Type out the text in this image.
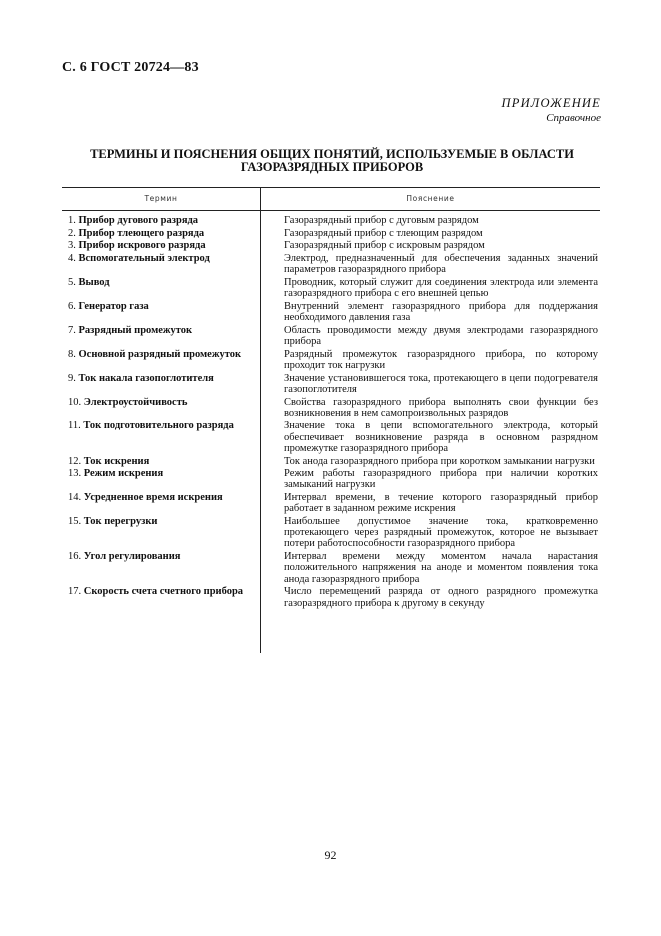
С. 6 ГОСТ 20724—83
ПРИЛОЖЕНИЕ
Справочное
ТЕРМИНЫ И ПОЯСНЕНИЯ ОБЩИХ ПОНЯТИЙ, ИСПОЛЬЗУЕМЫЕ В ОБЛАСТИ
ГАЗОРАЗРЯДНЫХ ПРИБОРОВ
Термин	Пояснение
1. Прибор дугового разряда	Газоразрядный прибор с дуговым разрядом
2. Прибор тлеющего разряда	Газоразрядный прибор с тлеющим разрядом
3. Прибор искрового разряда	Газоразрядный прибор с искровым разрядом
4. Вспомогательный электрод	Электрод, предназначенный для обеспечения заданных значений параметров газоразрядного прибора
5. Вывод	Проводник, который служит для соединения электрода или элемента газоразрядного прибора с его внешней цепью
6. Генератор газа	Внутренний элемент газоразрядного прибора для поддержания необходимого давления газа
7. Разрядный промежуток	Область проводимости между двумя электродами газоразрядного прибора
8. Основной разрядный промежуток	Разрядный промежуток газоразрядного прибора, по которому проходит ток нагрузки
9. Ток накала газопоглотителя	Значение установившегося тока, протекающего в цепи подогревателя газопоглотителя
10. Электроустойчивость	Свойства газоразрядного прибора выполнять свои функции без возникновения в нем самопроизвольных разрядов
11. Ток подготовительного разряда	Значение тока в цепи вспомогательного электрода, который обеспечивает возникновение разряда в основном разрядном промежутке газоразрядного прибора
12. Ток искрения	Ток анода газоразрядного прибора при коротком замыкании нагрузки
13. Режим искрения	Режим работы газоразрядного прибора при наличии коротких замыканий нагрузки
14. Усредненное время искрения	Интервал времени, в течение которого газоразрядный прибор работает в заданном режиме искрения
15. Ток перегрузки	Наибольшее допустимое значение тока, кратковременно протекающего через разрядный промежуток, которое не вызывает потери работоспособности газоразрядного прибора
16. Угол регулирования	Интервал времени между моментом начала нарастания положительного напряжения на аноде и моментом появления тока анода газоразрядного прибора
17. Скорость счета счетного прибора	Число перемещений разряда от одного разрядного промежутка газоразрядного прибора к другому в секунду
92
